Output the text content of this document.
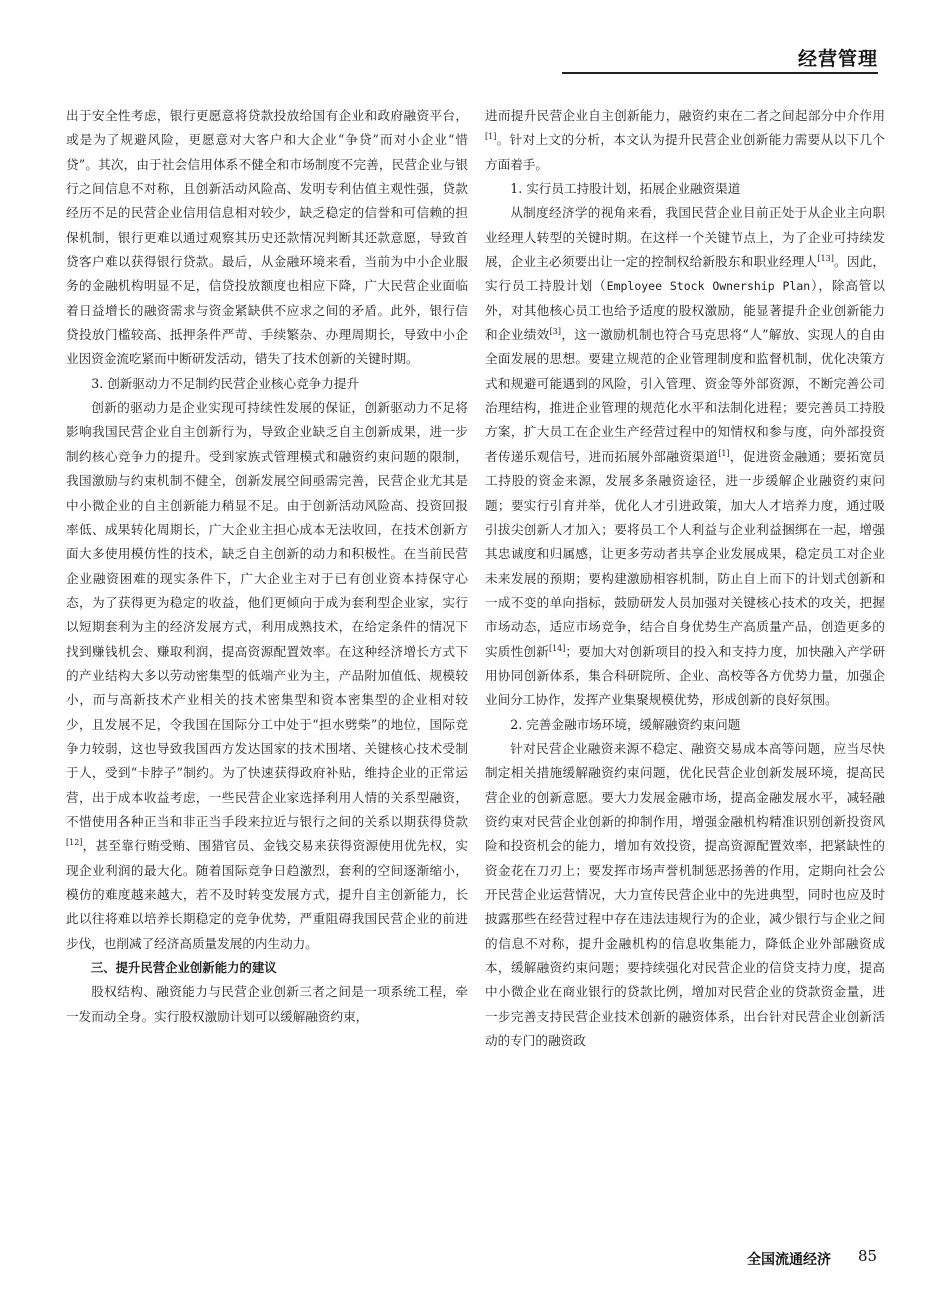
经营管理

出于安全性考虑，银行更愿意将贷款投放给国有企业和政府融资平台，或是为了规避风险，更愿意对大客户和大企业“争贷”而对小企业“惜贷”。其次，由于社会信用体系不健全和市场制度不完善，民营企业与银行之间信息不对称，且创新活动风险高、发明专利估值主观性强，贷款经历不足的民营企业信用信息相对较少，缺乏稳定的信誉和可信赖的担保机制，银行更难以通过观察其历史还款情况判断其还款意愿，导致首贷客户难以获得银行贷款。最后，从金融环境来看，当前为中小企业服务的金融机构明显不足，信贷投放额度也相应下降，广大民营企业面临着日益增长的融资需求与资金紧缺供不应求之间的矛盾。此外，银行信贷投放门槛较高、抵押条件严苛、手续繁杂、办理周期长，导致中小企业因资金流吃紧而中断研发活动，错失了技术创新的关键时期。

3. 创新驱动力不足制约民营企业核心竞争力提升

创新的驱动力是企业实现可持续性发展的保证，创新驱动力不足将影响我国民营企业自主创新行为，导致企业缺乏自主创新成果，进一步制约核心竞争力的提升。受到家族式管理模式和融资约束问题的限制，我国激励与约束机制不健全，创新发展空间亟需完善，民营企业尤其是中小微企业的自主创新能力稍显不足。由于创新活动风险高、投资回报率低、成果转化周期长，广大企业主担心成本无法收回，在技术创新方面大多使用模仿性的技术，缺乏自主创新的动力和积极性。在当前民营企业融资困难的现实条件下，广大企业主对于已有创业资本持保守心态，为了获得更为稳定的收益，他们更倾向于成为套利型企业家，实行以短期套利为主的经济发展方式，利用成熟技术，在给定条件的情况下找到赚钱机会、赚取利润，提高资源配置效率。在这种经济增长方式下的产业结构大多以劳动密集型的低端产业为主，产品附加值低、规模较小，而与高新技术产业相关的技术密集型和资本密集型的企业相对较少，且发展不足，令我国在国际分工中处于“担水劈柴”的地位，国际竞争力较弱，这也导致我国西方发达国家的技术围堵、关键核心技术受制于人，受到“卡脖子”制约。为了快速获得政府补贴，维持企业的正常运营，出于成本收益考虑，一些民营企业家选择利用人情的关系型融资，不惜使用各种正当和非正当手段来拉近与银行之间的关系以期获得贷款[12]，甚至靠行贿受贿、围猎官员、金钱交易来获得资源使用优先权，实现企业利润的最大化。随着国际竞争日趋激烈，套利的空间逐渐缩小，模仿的难度越来越大，若不及时转变发展方式，提升自主创新能力，长此以往将难以培养长期稳定的竞争优势，严重阻碍我国民营企业的前进步伐，也削减了经济高质量发展的内生动力。

三、提升民营企业创新能力的建议

股权结构、融资能力与民营企业创新三者之间是一项系统工程，牵一发而动全身。实行股权激励计划可以缓解融资约束，

进而提升民营企业自主创新能力，融资约束在二者之间起部分中介作用[1]。针对上文的分析，本文认为提升民营企业创新能力需要从以下几个方面着手。

1. 实行员工持股计划，拓展企业融资渠道

从制度经济学的视角来看，我国民营企业目前正处于从企业主向职业经理人转型的关键时期。在这样一个关键节点上，为了企业可持续发展，企业主必须要出让一定的控制权给新股东和职业经理人[13]。因此，实行员工持股计划（Employee Stock Ownership Plan），除高管以外，对其他核心员工也给予适度的股权激励，能显著提升企业创新能力和企业绩效[3]，这一激励机制也符合马克思将“人”解放、实现人的自由全面发展的思想。要建立规范的企业管理制度和监督机制，优化决策方式和规避可能遇到的风险，引入管理、资金等外部资源，不断完善公司治理结构，推进企业管理的规范化水平和法制化进程；要完善员工持股方案，扩大员工在企业生产经营过程中的知情权和参与度，向外部投资者传递乐观信号，进而拓展外部融资渠道[1]，促进资金融通；要拓宽员工持股的资金来源，发展多条融资途径，进一步缓解企业融资约束问题；要实行引育并举，优化人才引进政策，加大人才培养力度，通过吸引拔尖创新人才加入；要将员工个人利益与企业利益捆绑在一起，增强其忠诚度和归属感，让更多劳动者共享企业发展成果，稳定员工对企业未来发展的预期；要构建激励相容机制，防止自上而下的计划式创新和一成不变的单向指标，鼓励研发人员加强对关键核心技术的攻关，把握市场动态，适应市场竞争，结合自身优势生产高质量产品，创造更多的实质性创新[14]；要加大对创新项目的投入和支持力度，加快融入产学研用协同创新体系，集合科研院所、企业、高校等各方优势力量，加强企业间分工协作，发挥产业集聚规模优势，形成创新的良好氛围。

2. 完善金融市场环境，缓解融资约束问题

针对民营企业融资来源不稳定、融资交易成本高等问题，应当尽快制定相关措施缓解融资约束问题，优化民营企业创新发展环境，提高民营企业的创新意愿。要大力发展金融市场，提高金融发展水平，减轻融资约束对民营企业创新的抑制作用，增强金融机构精准识别创新投资风险和投资机会的能力，增加有效投资，提高资源配置效率，把紧缺性的资金花在刀刃上；要发挥市场声誉机制惩恶扬善的作用，定期向社会公开民营企业运营情况，大力宣传民营企业中的先进典型，同时也应及时披露那些在经营过程中存在违法违规行为的企业，减少银行与企业之间的信息不对称，提升金融机构的信息收集能力，降低企业外部融资成本，缓解融资约束问题；要持续强化对民营企业的信贷支持力度，提高中小微企业在商业银行的贷款比例，增加对民营企业的贷款资金量，进一步完善支持民营企业技术创新的融资体系，出台针对民营企业创新活动的专门的融资政

全国流通经济 85
